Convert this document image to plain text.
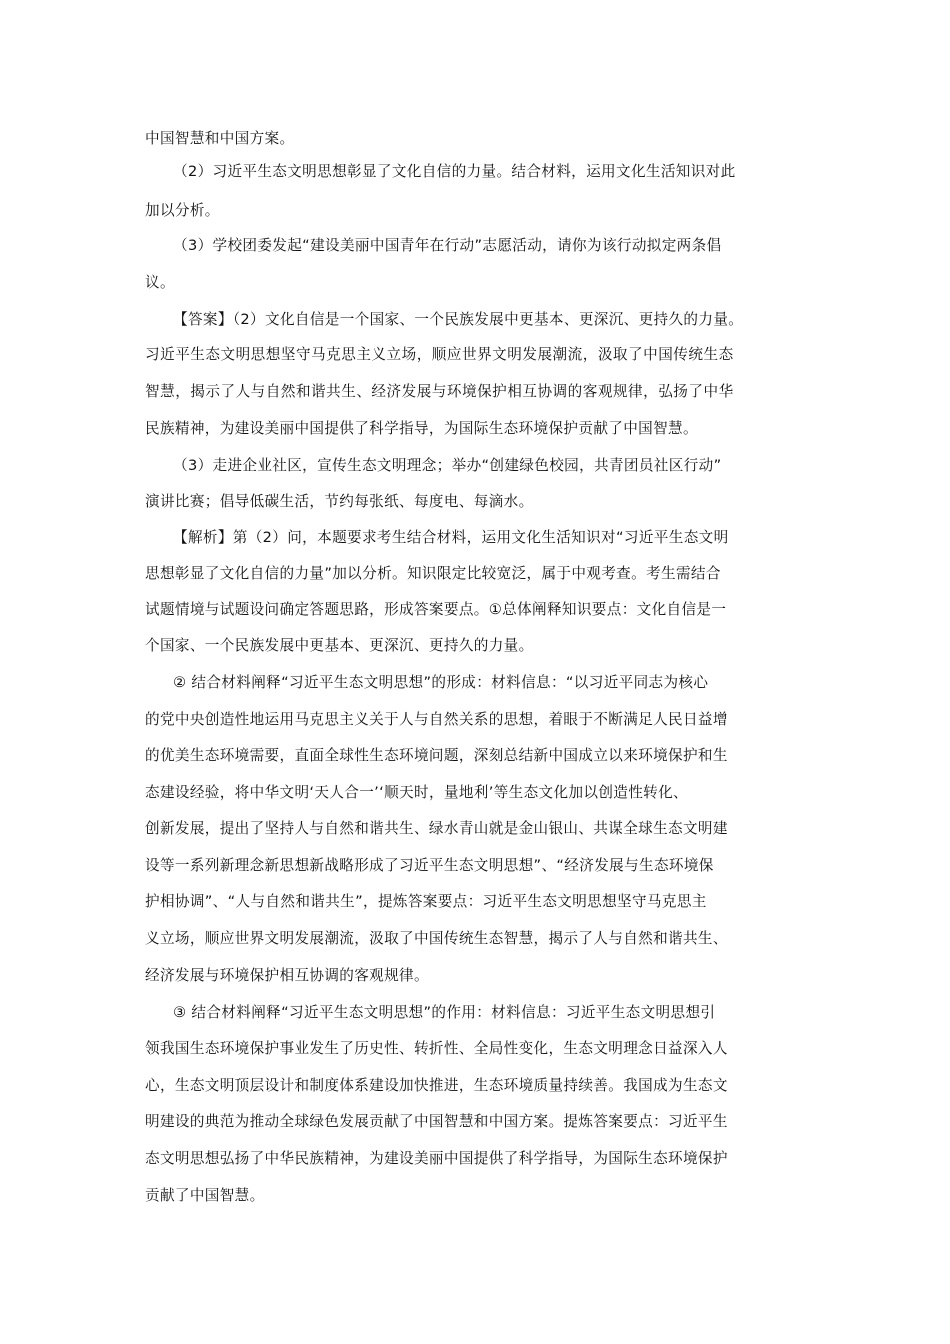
中国智慧和中国方案。
（2）习近平生态文明思想彰显了文化自信的力量。结合材料，运用文化生活知识对此
加以分析。
（3）学校团委发起“建设美丽中国青年在行动”志愿活动，请你为该行动拟定两条倡
议。
【答案】（2）文化自信是一个国家、一个民族发展中更基本、更深沉、更持久的力量。
习近平生态文明思想坚守马克思主义立场，顺应世界文明发展潮流，汲取了中国传统生态
智慧，揭示了人与自然和谐共生、经济发展与环境保护相互协调的客观规律，弘扬了中华
民族精神，为建设美丽中国提供了科学指导，为国际生态环境保护贡献了中国智慧。
（3）走进企业社区，宣传生态文明理念；举办“创建绿色校园，共青团员社区行动”
演讲比赛；倡导低碳生活，节约每张纸、每度电、每滴水。
【解析】第（2）问，本题要求考生结合材料，运用文化生活知识对“习近平生态文明
思想彰显了文化自信的力量”加以分析。知识限定比较宽泛，属于中观考查。考生需结合
试题情境与试题设问确定答题思路，形成答案要点。①总体阐释知识要点：文化自信是一
个国家、一个民族发展中更基本、更深沉、更持久的力量。
② 结合材料阐释“习近平生态文明思想”的形成：材料信息：“以习近平同志为核心
的党中央创造性地运用马克思主义关于人与自然关系的思想，着眼于不断满足人民日益增
的优美生态环境需要，直面全球性生态环境问题，深刻总结新中国成立以来环境保护和生
态建设经验，将中华文明‘天人合一’‘顺天时，量地利’等生态文化加以创造性转化、
创新发展，提出了坚持人与自然和谐共生、绿水青山就是金山银山、共谋全球生态文明建
设等一系列新理念新思想新战略形成了习近平生态文明思想”、“经济发展与生态环境保
护相协调”、“人与自然和谐共生”，提炼答案要点：习近平生态文明思想坚守马克思主
义立场，顺应世界文明发展潮流，汲取了中国传统生态智慧，揭示了人与自然和谐共生、
经济发展与环境保护相互协调的客观规律。
③ 结合材料阐释“习近平生态文明思想”的作用：材料信息：习近平生态文明思想引
领我国生态环境保护事业发生了历史性、转折性、全局性变化，生态文明理念日益深入人
心，生态文明顶层设计和制度体系建设加快推进，生态环境质量持续善。我国成为生态文
明建设的典范为推动全球绿色发展贡献了中国智慧和中国方案。提炼答案要点：习近平生
态文明思想弘扬了中华民族精神，为建设美丽中国提供了科学指导，为国际生态环境保护
贡献了中国智慧。
